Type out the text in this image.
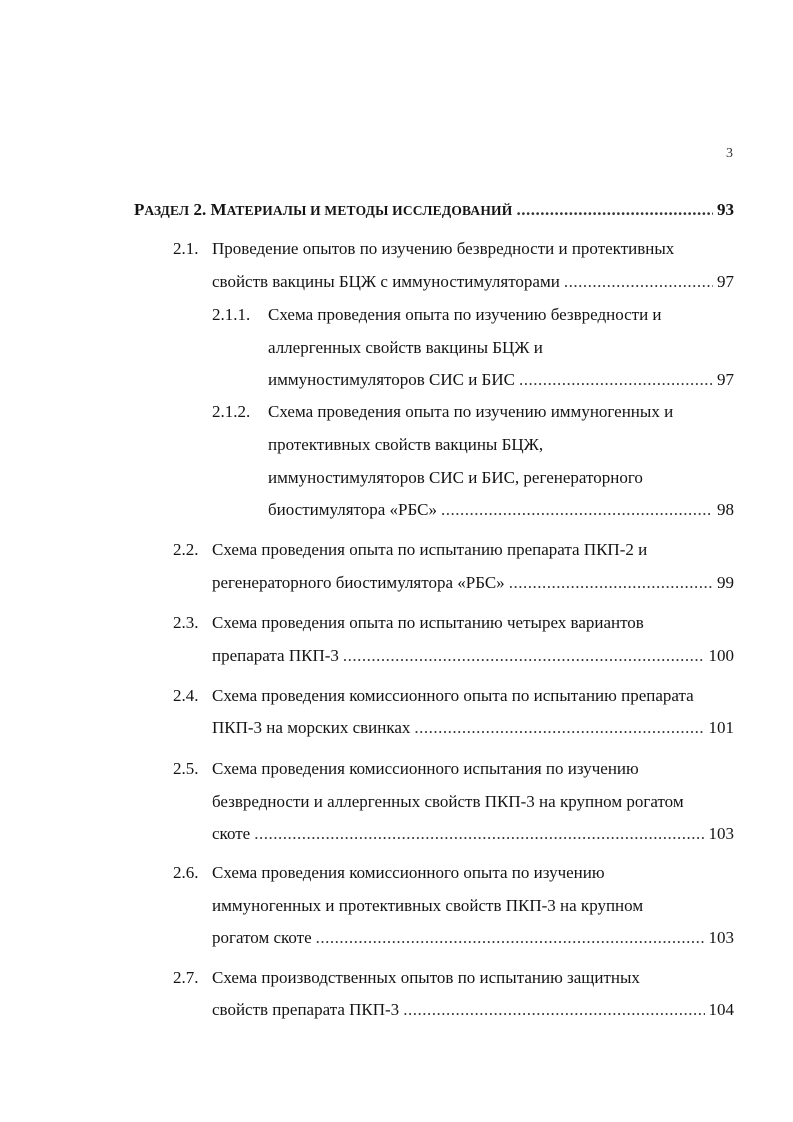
3
РАЗДЕЛ 2. МАТЕРИАЛЫ И МЕТОДЫ ИССЛЕДОВАНИЙ .....	93
2.1. Проведение опытов по изучению безвредности и протективных
свойств вакцины БЦЖ с иммуностимуляторами .....	97
2.1.1. Схема проведения опыта по изучению безвредности и
аллергенных свойств вакцины БЦЖ и
иммуностимуляторов СИС и БИС .....	97
2.1.2. Схема проведения опыта по изучению иммуногенных и
протективных свойств вакцины БЦЖ,
иммуностимуляторов СИС и БИС, регенераторного
биостимулятора «РБС» .....	98
2.2. Схема проведения опыта по испытанию препарата ПКП-2 и
регенераторного биостимулятора «РБС» .....	99
2.3. Схема проведения опыта по испытанию четырех вариантов
препарата ПКП-3 .....	100
2.4. Схема проведения комиссионного опыта по испытанию препарата
ПКП-3 на морских свинках .....	101
2.5. Схема проведения комиссионного испытания по изучению
безвредности и аллергенных свойств ПКП-3 на крупном рогатом
скоте .....	103
2.6. Схема проведения комиссионного опыта по изучению
иммуногенных и протективных свойств ПКП-3 на крупном
рогатом скоте .....	103
2.7. Схема производственных опытов по испытанию защитных
свойств препарата ПКП-3 .....	104
